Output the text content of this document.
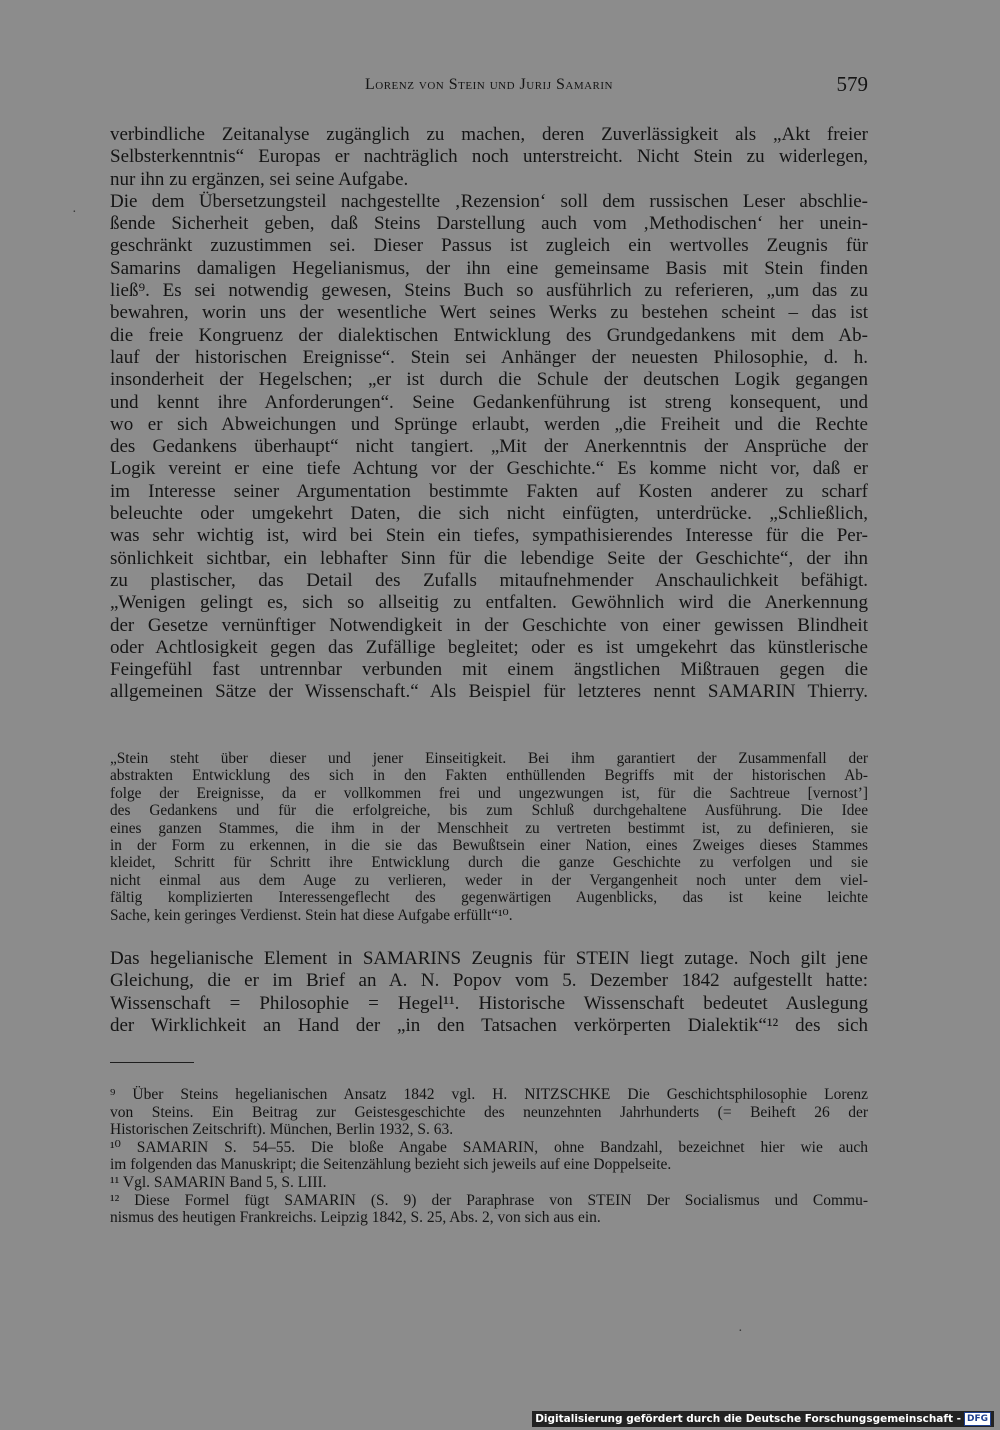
Lorenz von Stein und Jurij Samarin	579
verbindliche Zeitanalyse zugänglich zu machen, deren Zuverlässigkeit als „Akt freier
Selbsterkenntnis“ Europas er nachträglich noch unterstreicht. Nicht Stein zu widerlegen,
nur ihn zu ergänzen, sei seine Aufgabe.
Die dem Übersetzungsteil nachgestellte ‚Rezension‘ soll dem russischen Leser abschlie-
ßende Sicherheit geben, daß Steins Darstellung auch vom ‚Methodischen‘ her unein-
geschränkt zuzustimmen sei. Dieser Passus ist zugleich ein wertvolles Zeugnis für
Samarins damaligen Hegelianismus, der ihn eine gemeinsame Basis mit Stein finden
ließ⁹. Es sei notwendig gewesen, Steins Buch so ausführlich zu referieren, „um das zu
bewahren, worin uns der wesentliche Wert seines Werks zu bestehen scheint – das ist
die freie Kongruenz der dialektischen Entwicklung des Grundgedankens mit dem Ab-
lauf der historischen Ereignisse“. Stein sei Anhänger der neuesten Philosophie, d. h.
insonderheit der Hegelschen; „er ist durch die Schule der deutschen Logik gegangen
und kennt ihre Anforderungen“. Seine Gedankenführung ist streng konsequent, und
wo er sich Abweichungen und Sprünge erlaubt, werden „die Freiheit und die Rechte
des Gedankens überhaupt“ nicht tangiert. „Mit der Anerkenntnis der Ansprüche der
Logik vereint er eine tiefe Achtung vor der Geschichte.“ Es komme nicht vor, daß er
im Interesse seiner Argumentation bestimmte Fakten auf Kosten anderer zu scharf
beleuchte oder umgekehrt Daten, die sich nicht einfügten, unterdrücke. „Schließlich,
was sehr wichtig ist, wird bei Stein ein tiefes, sympathisierendes Interesse für die Per-
sönlichkeit sichtbar, ein lebhafter Sinn für die lebendige Seite der Geschichte“, der ihn
zu plastischer, das Detail des Zufalls mitaufnehmender Anschaulichkeit befähigt.
„Wenigen gelingt es, sich so allseitig zu entfalten. Gewöhnlich wird die Anerkennung
der Gesetze vernünftiger Notwendigkeit in der Geschichte von einer gewissen Blindheit
oder Achtlosigkeit gegen das Zufällige begleitet; oder es ist umgekehrt das künstlerische
Feingefühl fast untrennbar verbunden mit einem ängstlichen Mißtrauen gegen die
allgemeinen Sätze der Wissenschaft.“ Als Beispiel für letzteres nennt SAMARIN Thierry.
„Stein steht über dieser und jener Einseitigkeit. Bei ihm garantiert der Zusammenfall der
abstrakten Entwicklung des sich in den Fakten enthüllenden Begriffs mit der historischen Ab-
folge der Ereignisse, da er vollkommen frei und ungezwungen ist, für die Sachtreue [vernost’]
des Gedankens und für die erfolgreiche, bis zum Schluß durchgehaltene Ausführung. Die Idee
eines ganzen Stammes, die ihm in der Menschheit zu vertreten bestimmt ist, zu definieren, sie
in der Form zu erkennen, in die sie das Bewußtsein einer Nation, eines Zweiges dieses Stammes
kleidet, Schritt für Schritt ihre Entwicklung durch die ganze Geschichte zu verfolgen und sie
nicht einmal aus dem Auge zu verlieren, weder in der Vergangenheit noch unter dem viel-
fältig komplizierten Interessengeflecht des gegenwärtigen Augenblicks, das ist keine leichte
Sache, kein geringes Verdienst. Stein hat diese Aufgabe erfüllt“¹⁰.
Das hegelianische Element in SAMARINS Zeugnis für STEIN liegt zutage. Noch gilt jene
Gleichung, die er im Brief an A. N. Popov vom 5. Dezember 1842 aufgestellt hatte:
Wissenschaft = Philosophie = Hegel¹¹. Historische Wissenschaft bedeutet Auslegung
der Wirklichkeit an Hand der „in den Tatsachen verkörperten Dialektik“¹² des sich
⁹ Über Steins hegelianischen Ansatz 1842 vgl. H. NITZSCHKE Die Geschichtsphilosophie Lorenz
von Steins. Ein Beitrag zur Geistesgeschichte des neunzehnten Jahrhunderts (= Beiheft 26 der
Historischen Zeitschrift). München, Berlin 1932, S. 63.
¹⁰ SAMARIN S. 54–55. Die bloße Angabe SAMARIN, ohne Bandzahl, bezeichnet hier wie auch
im folgenden das Manuskript; die Seitenzählung bezieht sich jeweils auf eine Doppelseite.
¹¹ Vgl. SAMARIN Band 5, S. LIII.
¹² Diese Formel fügt SAMARIN (S. 9) der Paraphrase von STEIN Der Socialismus und Commu-
nismus des heutigen Frankreichs. Leipzig 1842, S. 25, Abs. 2, von sich aus ein.
·
·
Digitalisierung gefördert durch die Deutsche Forschungsgemeinschaft - DFG
